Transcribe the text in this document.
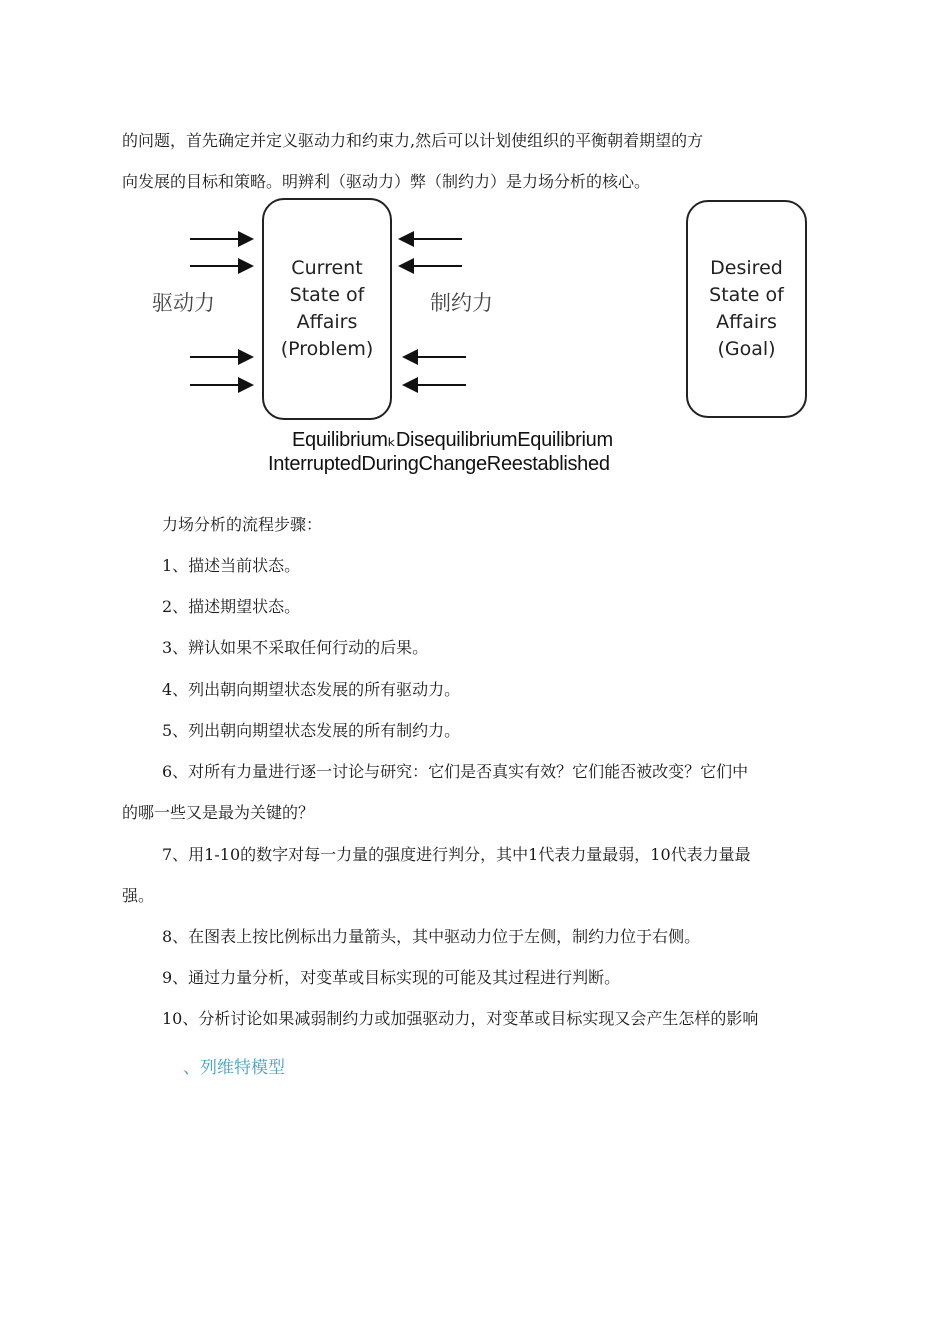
的问题，首先确定并定义驱动力和约束力,然后可以计划使组织的平衡朝着期望的方
向发展的目标和策略。明辨利（驱动力）弊（制约力）是力场分析的核心。
Current
State of
Affairs
(Problem)
Desired
State of
Affairs
(Goal)
驱动力	制约力
EquilibriumₖDisequilibriumEquilibrium
InterruptedDuringChangeReestablished
力场分析的流程步骤：
1、描述当前状态。
2、描述期望状态。
3、辨认如果不采取任何行动的后果。
4、列出朝向期望状态发展的所有驱动力。
5、列出朝向期望状态发展的所有制约力。
6、对所有力量进行逐一讨论与研究：它们是否真实有效？它们能否被改变？它们中
的哪一些又是最为关键的？
7、用1-10的数字对每一力量的强度进行判分，其中1代表力量最弱，10代表力量最
强。
8、在图表上按比例标出力量箭头，其中驱动力位于左侧，制约力位于右侧。
9、通过力量分析，对变革或目标实现的可能及其过程进行判断。
10、分析讨论如果减弱制约力或加强驱动力，对变革或目标实现又会产生怎样的影响
、列维特模型
